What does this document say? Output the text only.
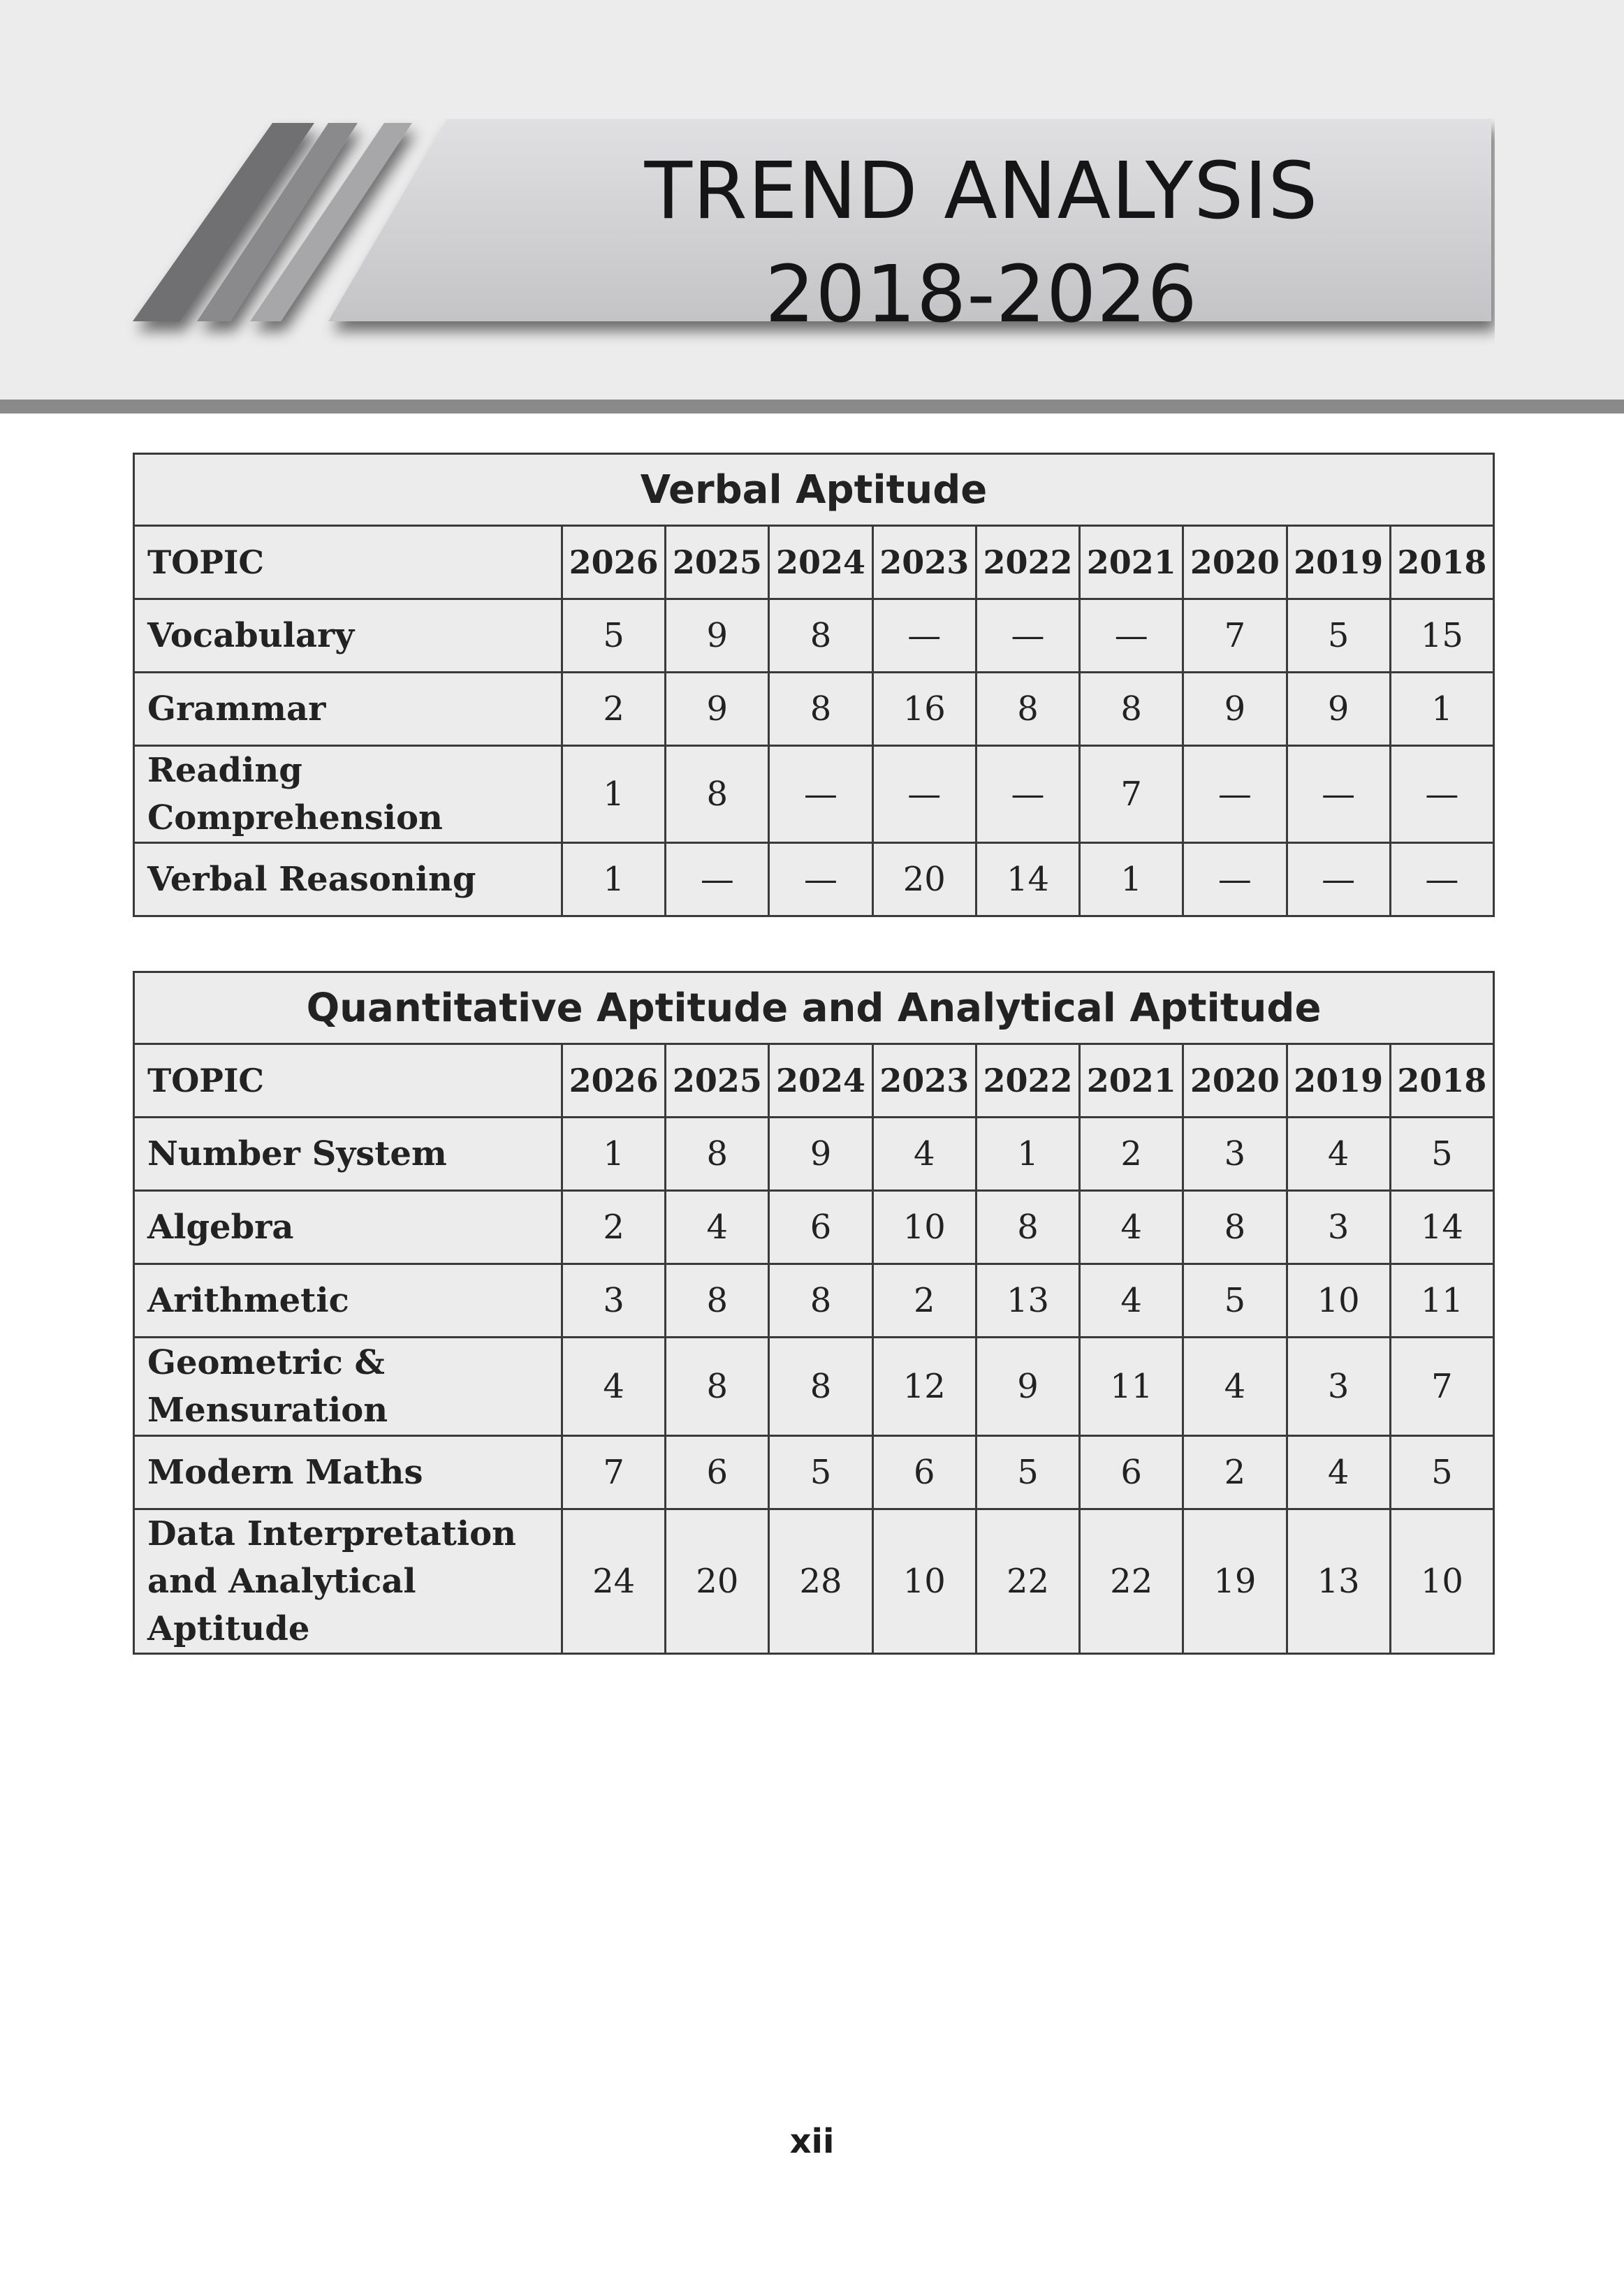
TREND ANALYSIS
2018-2026
Verbal Aptitude									
TOPIC	2026	2025	2024	2023	2022	2021	2020	2019	2018
Vocabulary	5	9	8	—	—	—	7	5	15
Grammar	2	9	8	16	8	8	9	9	1
Reading Comprehension	1	8	—	—	—	7	—	—	—
Verbal Reasoning	1	—	—	20	14	1	—	—	—
Quantitative Aptitude and Analytical Aptitude									
TOPIC	2026	2025	2024	2023	2022	2021	2020	2019	2018
Number System	1	8	9	4	1	2	3	4	5
Algebra	2	4	6	10	8	4	8	3	14
Arithmetic	3	8	8	2	13	4	5	10	11
Geometric & Mensuration	4	8	8	12	9	11	4	3	7
Modern Maths	7	6	5	6	5	6	2	4	5
Data Interpretation and Analytical Aptitude	24	20	28	10	22	22	19	13	10
xii
